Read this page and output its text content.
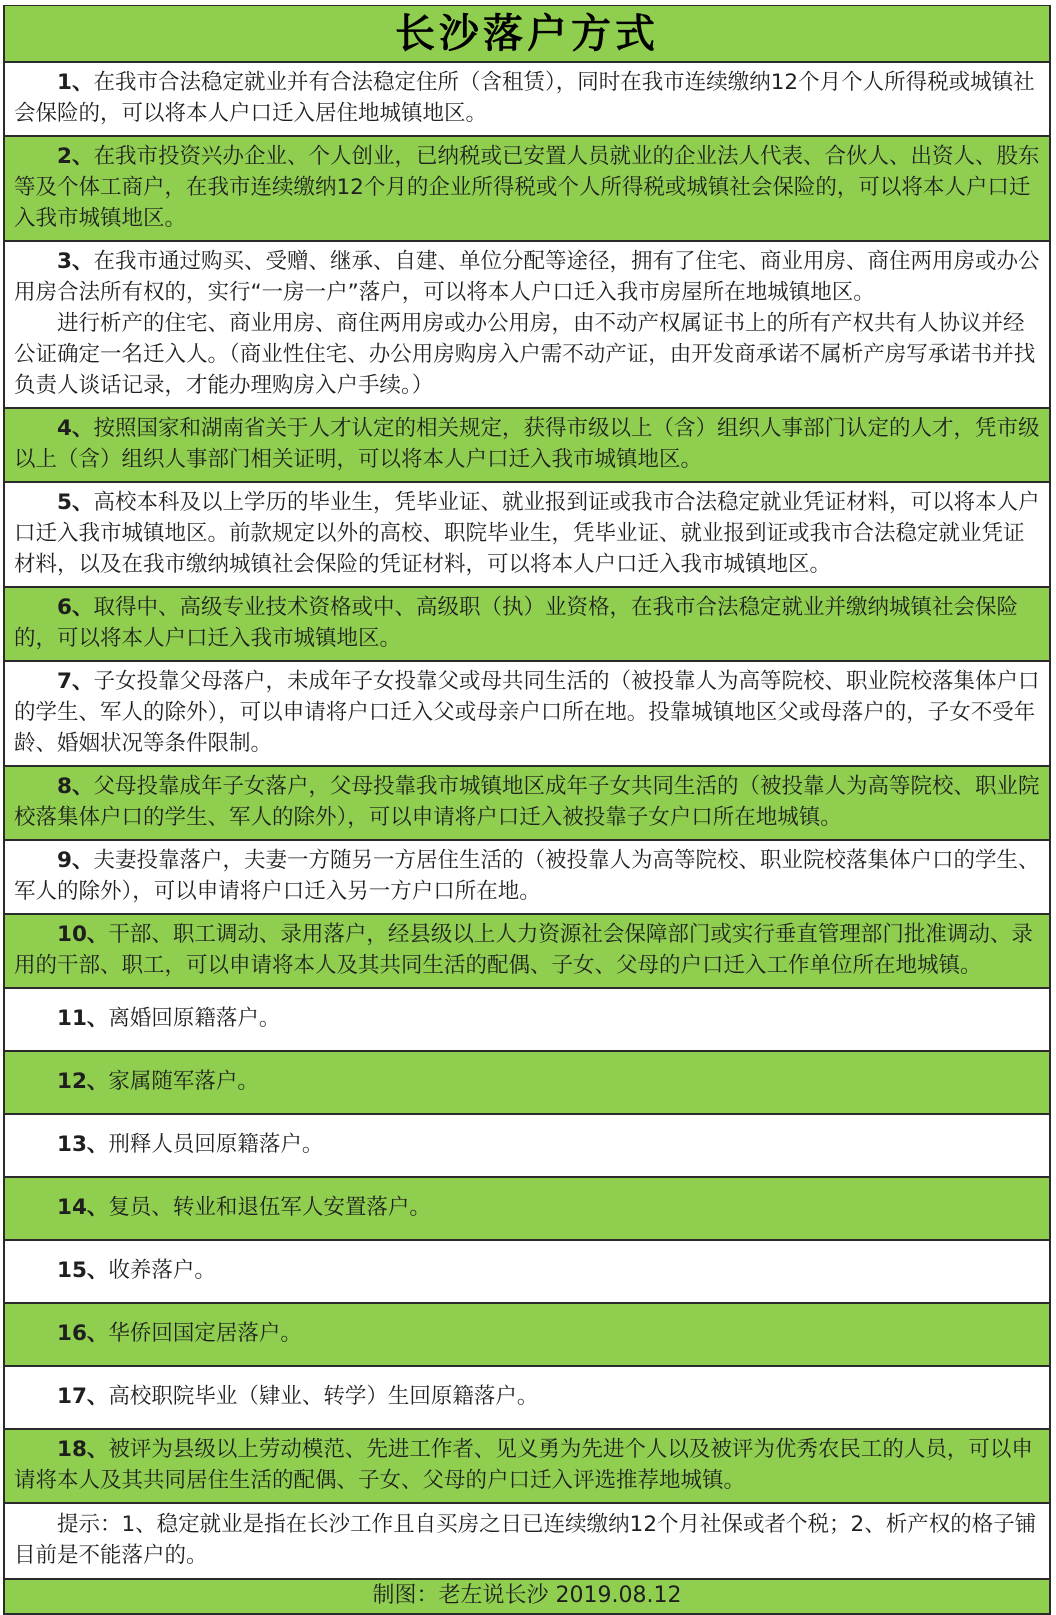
长沙落户方式

1、在我市合法稳定就业并有合法稳定住所（含租赁），同时在我市连续缴纳12个月个人所得税或城镇社会保险的，可以将本人户口迁入居住地城镇地区。

2、在我市投资兴办企业、个人创业，已纳税或已安置人员就业的企业法人代表、合伙人、出资人、股东等及个体工商户，在我市连续缴纳12个月的企业所得税或个人所得税或城镇社会保险的，可以将本人户口迁入我市城镇地区。

3、在我市通过购买、受赠、继承、自建、单位分配等途径，拥有了住宅、商业用房、商住两用房或办公用房合法所有权的，实行“一房一户”落户，可以将本人户口迁入我市房屋所在地城镇地区。

进行析产的住宅、商业用房、商住两用房或办公用房，由不动产权属证书上的所有产权共有人协议并经公证确定一名迁入人。（商业性住宅、办公用房购房入户需不动产证，由开发商承诺不属析产房写承诺书并找负责人谈话记录，才能办理购房入户手续。）

4、按照国家和湖南省关于人才认定的相关规定，获得市级以上（含）组织人事部门认定的人才，凭市级以上（含）组织人事部门相关证明，可以将本人户口迁入我市城镇地区。

5、高校本科及以上学历的毕业生，凭毕业证、就业报到证或我市合法稳定就业凭证材料，可以将本人户口迁入我市城镇地区。前款规定以外的高校、职院毕业生，凭毕业证、就业报到证或我市合法稳定就业凭证材料，以及在我市缴纳城镇社会保险的凭证材料，可以将本人户口迁入我市城镇地区。

6、取得中、高级专业技术资格或中、高级职（执）业资格，在我市合法稳定就业并缴纳城镇社会保险的，可以将本人户口迁入我市城镇地区。

7、子女投靠父母落户，未成年子女投靠父或母共同生活的（被投靠人为高等院校、职业院校落集体户口的学生、军人的除外），可以申请将户口迁入父或母亲户口所在地。投靠城镇地区父或母落户的，子女不受年龄、婚姻状况等条件限制。

8、父母投靠成年子女落户，父母投靠我市城镇地区成年子女共同生活的（被投靠人为高等院校、职业院校落集体户口的学生、军人的除外），可以申请将户口迁入被投靠子女户口所在地城镇。

9、夫妻投靠落户，夫妻一方随另一方居住生活的（被投靠人为高等院校、职业院校落集体户口的学生、军人的除外），可以申请将户口迁入另一方户口所在地。

10、干部、职工调动、录用落户，经县级以上人力资源社会保障部门或实行垂直管理部门批准调动、录用的干部、职工，可以申请将本人及其共同生活的配偶、子女、父母的户口迁入工作单位所在地城镇。

11、离婚回原籍落户。

12、家属随军落户。

13、刑释人员回原籍落户。

14、复员、转业和退伍军人安置落户。

15、收养落户。

16、华侨回国定居落户。

17、高校职院毕业（肄业、转学）生回原籍落户。

18、被评为县级以上劳动模范、先进工作者、见义勇为先进个人以及被评为优秀农民工的人员，可以申请将本人及其共同居住生活的配偶、子女、父母的户口迁入评选推荐地城镇。

提示：1、稳定就业是指在长沙工作且自买房之日已连续缴纳12个月社保或者个税；2、析产权的格子铺目前是不能落户的。

制图：老左说长沙 2019.08.12
